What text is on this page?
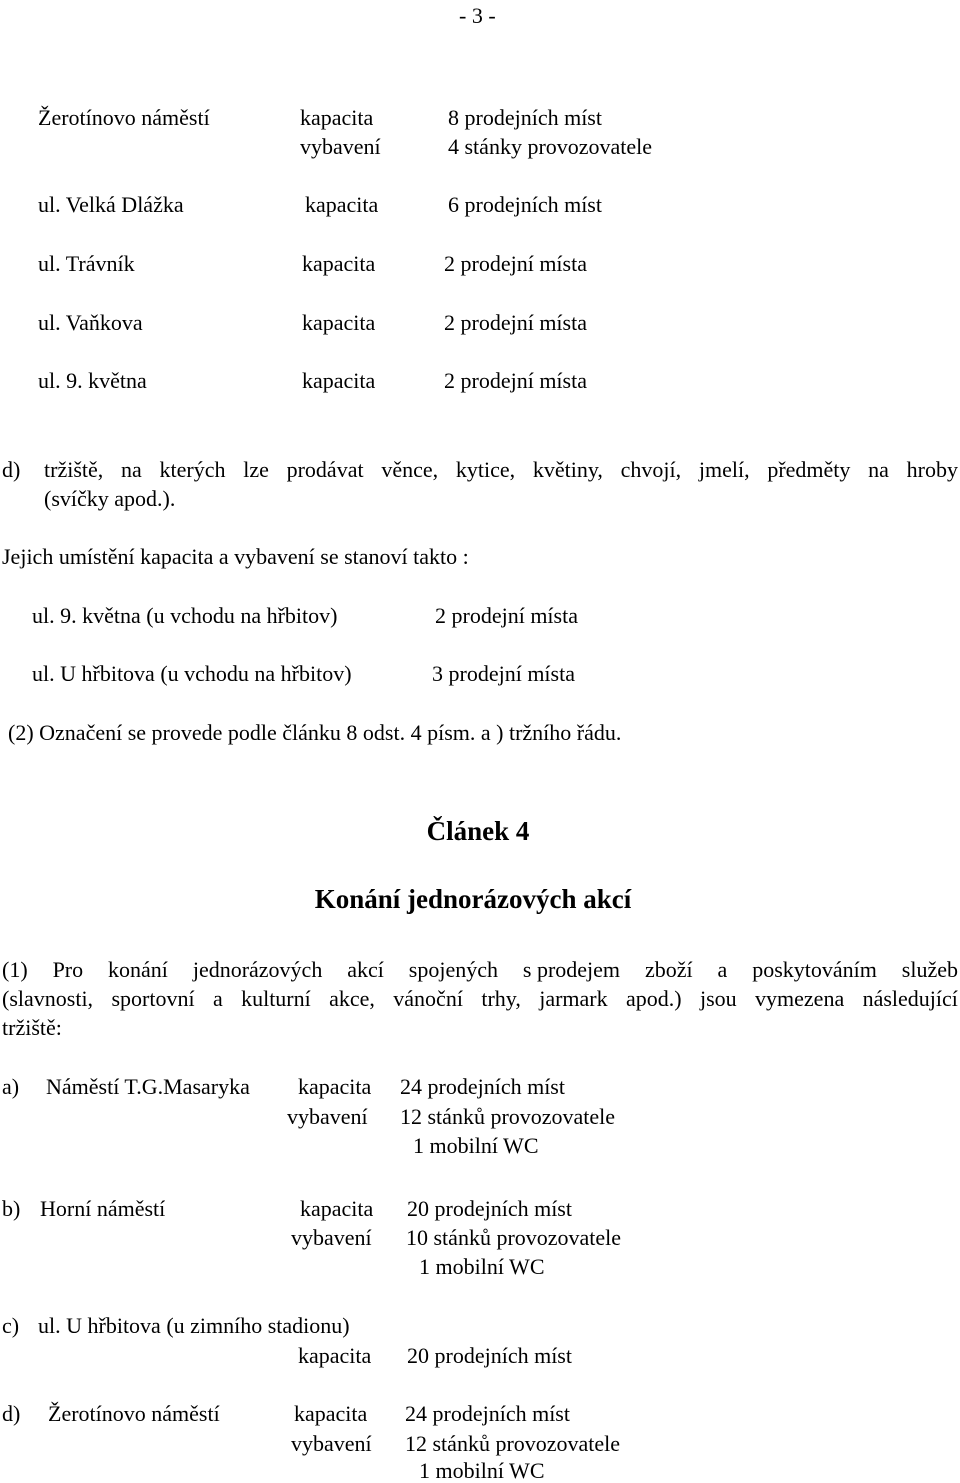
- 3 -
Žerotínovo náměstí	kapacita	8 prodejních míst
vybavení	4 stánky provozovatele
ul. Velká Dlážka	kapacita	6 prodejních míst
ul. Trávník	kapacita	2 prodejní místa
ul. Vaňkova	kapacita	2 prodejní místa
ul. 9. května	kapacita	2 prodejní místa
d) tržiště, na kterých lze prodávat věnce, kytice, květiny, chvojí, jmelí, předměty na hroby
(svíčky apod.).
Jejich umístění kapacita a vybavení se stanoví takto :
ul. 9. května (u vchodu na hřbitov)	2 prodejní místa
ul. U hřbitova (u vchodu na hřbitov)	3 prodejní místa
(2) Označení se provede podle článku 8 odst. 4 písm. a ) tržního řádu.
Článek 4
Konání jednorázových akcí
(1) Pro konání jednorázových akcí spojených s prodejem zboží a poskytováním služeb
(slavnosti, sportovní a kulturní akce, vánoční trhy, jarmark apod.) jsou vymezena následující
tržiště:
a) Náměstí T.G.Masaryka kapacita 24 prodejních míst
vybavení 12 stánků provozovatele
1 mobilní WC
b) Horní náměstí	kapacita 20 prodejních míst
vybavení 10 stánků provozovatele
1 mobilní WC
c) ul. U hřbitova (u zimního stadionu)
kapacita 20 prodejních míst
d) Žerotínovo náměstí	kapacita 24 prodejních míst
vybavení 12 stánků provozovatele
1 mobilní WC
